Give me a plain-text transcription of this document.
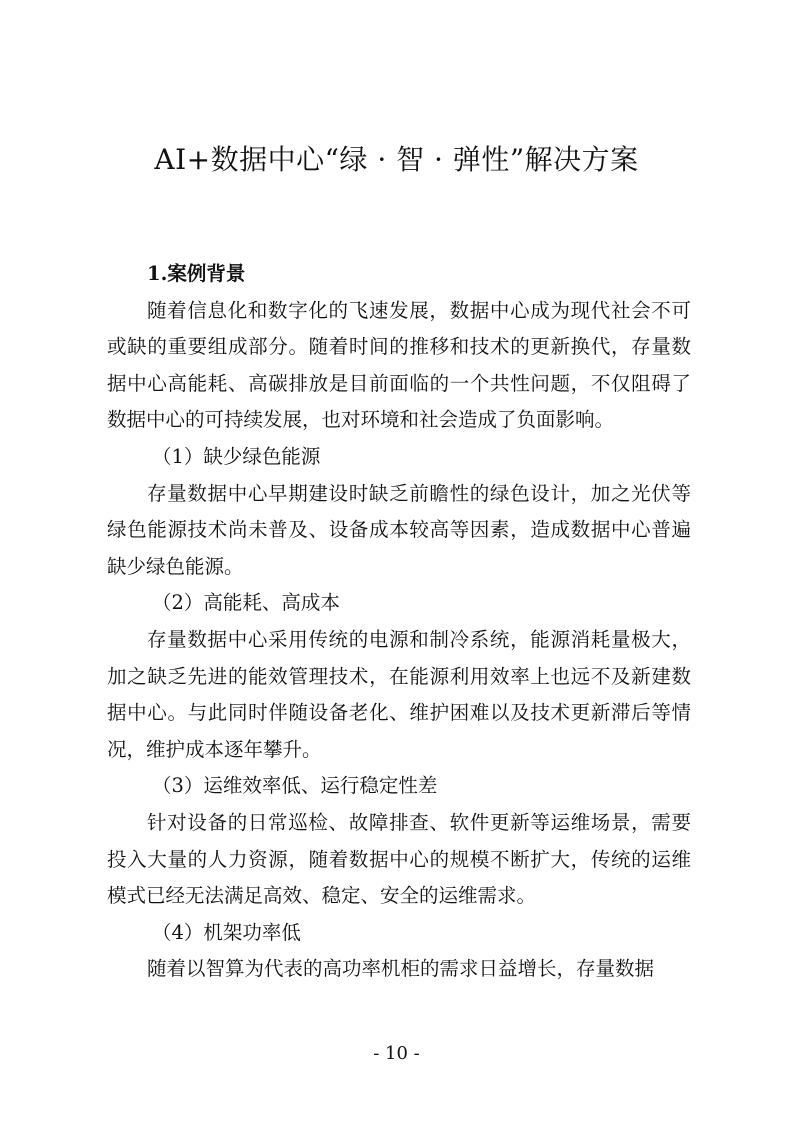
AI+数据中心“绿 · 智 · 弹性”解决方案
1.案例背景

随着信息化和数字化的飞速发展，数据中心成为现代社会不可或缺的重要组成部分。随着时间的推移和技术的更新换代，存量数据中心高能耗、高碳排放是目前面临的一个共性问题，不仅阻碍了数据中心的可持续发展，也对环境和社会造成了负面影响。

（1）缺少绿色能源

存量数据中心早期建设时缺乏前瞻性的绿色设计，加之光伏等绿色能源技术尚未普及、设备成本较高等因素，造成数据中心普遍缺少绿色能源。

（2）高能耗、高成本

存量数据中心采用传统的电源和制冷系统，能源消耗量极大，加之缺乏先进的能效管理技术，在能源利用效率上也远不及新建数据中心。与此同时伴随设备老化、维护困难以及技术更新滞后等情况，维护成本逐年攀升。

（3）运维效率低、运行稳定性差

针对设备的日常巡检、故障排查、软件更新等运维场景，需要投入大量的人力资源，随着数据中心的规模不断扩大，传统的运维模式已经无法满足高效、稳定、安全的运维需求。

（4）机架功率低

随着以智算为代表的高功率机柜的需求日益增长，存量数据

- 10 -
